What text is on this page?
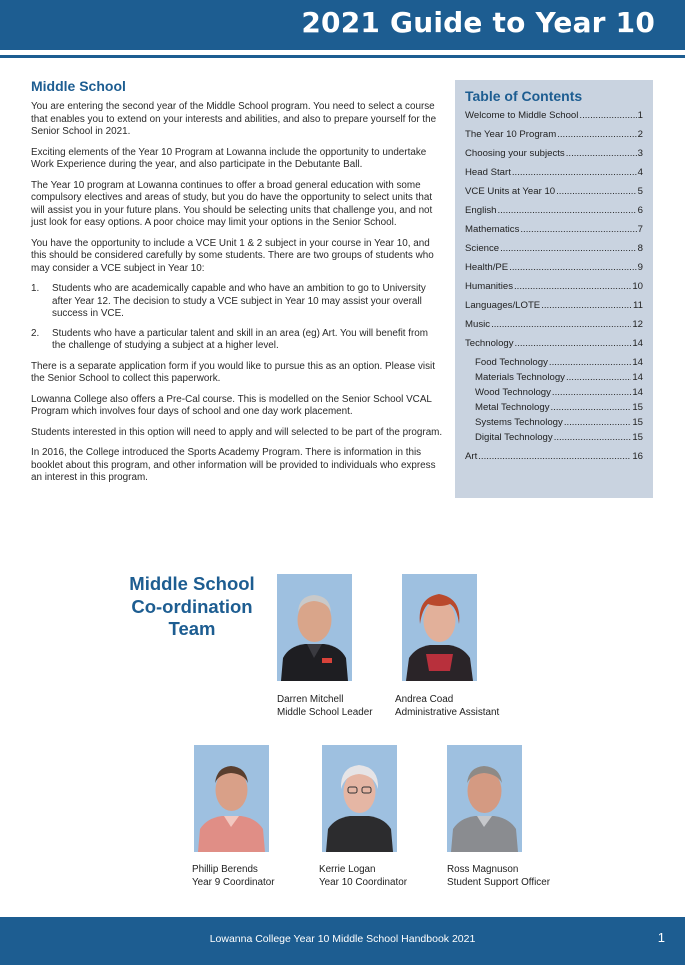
2021 Guide to Year 10
Middle School

You are entering the second year of the Middle School program. You need to select a course that enables you to extend on your interests and abilities, and also to prepare yourself for the Senior School in 2021.

Exciting elements of the Year 10 Program at Lowanna include the opportunity to undertake Work Experience during the year, and also participate in the Debutante Ball.

The Year 10 program at Lowanna continues to offer a broad general education with some compulsory electives and areas of study, but you do have the opportunity to select units that will assist you in your future plans. You should be selecting units that challenge you, and not just look for easy options. A poor choice may limit your options in the Senior School.

You have the opportunity to include a VCE Unit 1 & 2 subject in your course in Year 10, and this should be considered carefully by some students. There are two groups of students who may consider a VCE subject in Year 10:

1. Students who are academically capable and who have an ambition to go to University after Year 12. The decision to study a VCE subject in Year 10 may assist your overall success in VCE.
2. Students who have a particular talent and skill in an area (eg) Art. You will benefit from the challenge of studying a subject at a higher level.

There is a separate application form if you would like to pursue this as an option. Please visit the Senior School to collect this paperwork.

Lowanna College also offers a Pre-Cal course. This is modelled on the Senior School VCAL Program which involves four days of school and one day work placement.

Students interested in this option will need to apply and will selected to be part of the program.

In 2016, the College introduced the Sports Academy Program. There is information in this booklet about this program, and other information will be provided to individuals who express an interest in this program.

Table of Contents
Welcome to Middle School .....	1
The Year 10 Program .....	2
Choosing your subjects .....	3
Head Start .....	4
VCE Units at Year 10 .....	5
English .....	6
Mathematics .....	7
Science .....	8
Health/PE .....	9
Humanities .....	10
Languages/LOTE .....	11
Music .....	12
Technology .....	14
Food Technology .....	14
Materials Technology .....	14
Wood Technology .....	14
Metal Technology .....	15
Systems Technology .....	15
Digital Technology .....	15
Art .....	16
Middle School
Co-ordination
Team
Darren Mitchell
Middle School Leader
Andrea Coad
Administrative Assistant
Phillip Berends
Year 9 Coordinator
Kerrie Logan
Year 10 Coordinator
Ross Magnuson
Student Support Officer
Lowanna College Year 10 Middle School Handbook 2021	1
